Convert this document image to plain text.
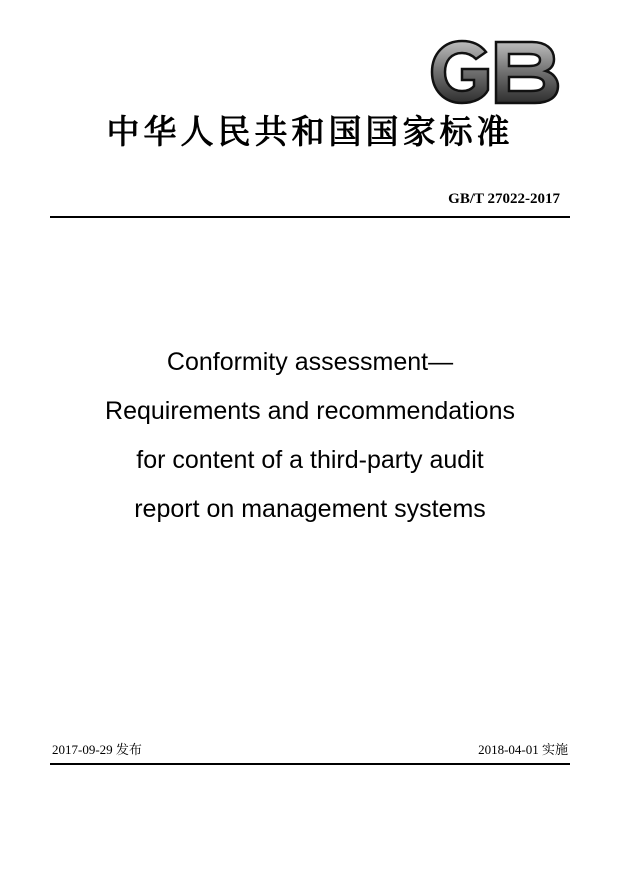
中华人民共和国国家标准
GB/T 27022-2017
Conformity assessment—
Requirements and recommendations
for content of a third-party audit
report on management systems
2017-09-29 发布	2018-04-01 实施
